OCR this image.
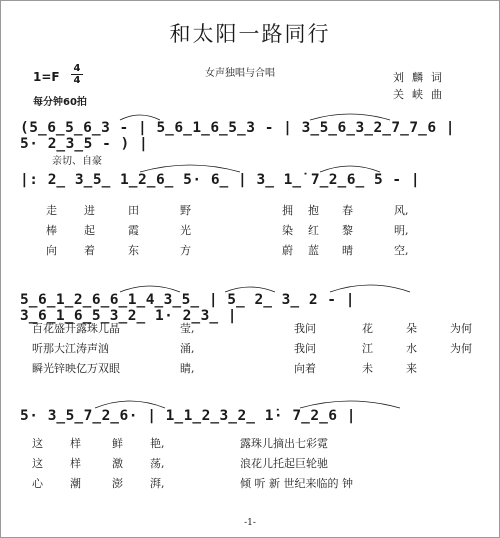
和太阳一路同行
女声独唱与合唱	刘麟词
关峡曲
1=F
4
4
每分钟60拍
(5̲6̲5̲6̲3 - | 5̲6̲1̲6̲5̲3 - | 3̲5̲6̲3̲2̲7̲7̲6 | 5· 2̲3̲5 - ) |
亲切、自豪
|: 2̲ 3̲5̲ 1̲2̲6̲ 5· 6̲ | 3̲ 1̲̇ 7̲2̲6̲ 5 - |
走 进	田	野	拥 抱 春	风,
棒 起	霞	光	染 红 黎	明,
向 着	东	方	蔚 蓝 晴	空,
5̲6̲1̲2̲6̲6̲1̲4̲3̲5̲ | 5̲ 2̲ 3̲ 2 - | 3̲6̲1̲6̲5̲3̲2̲ 1· 2̲3̲ |
百花盛开露珠儿晶	莹,	我问	花	朵	为何
听那大江涛声汹	涌,	我问	江	水	为何
瞬光锌映亿万双眼	睛,	向着	未	来
5· 3̲5̲7̲2̲6· | 1̲1̲2̲3̲2̲ 1̇· 7̲2̲6 |
这 样	鲜 艳,	露珠儿摘出七彩霓
这 样	激 荡,	浪花儿托起巨轮驰
心 潮	澎 湃,	倾 听 新 世纪来临的 钟
-1-
